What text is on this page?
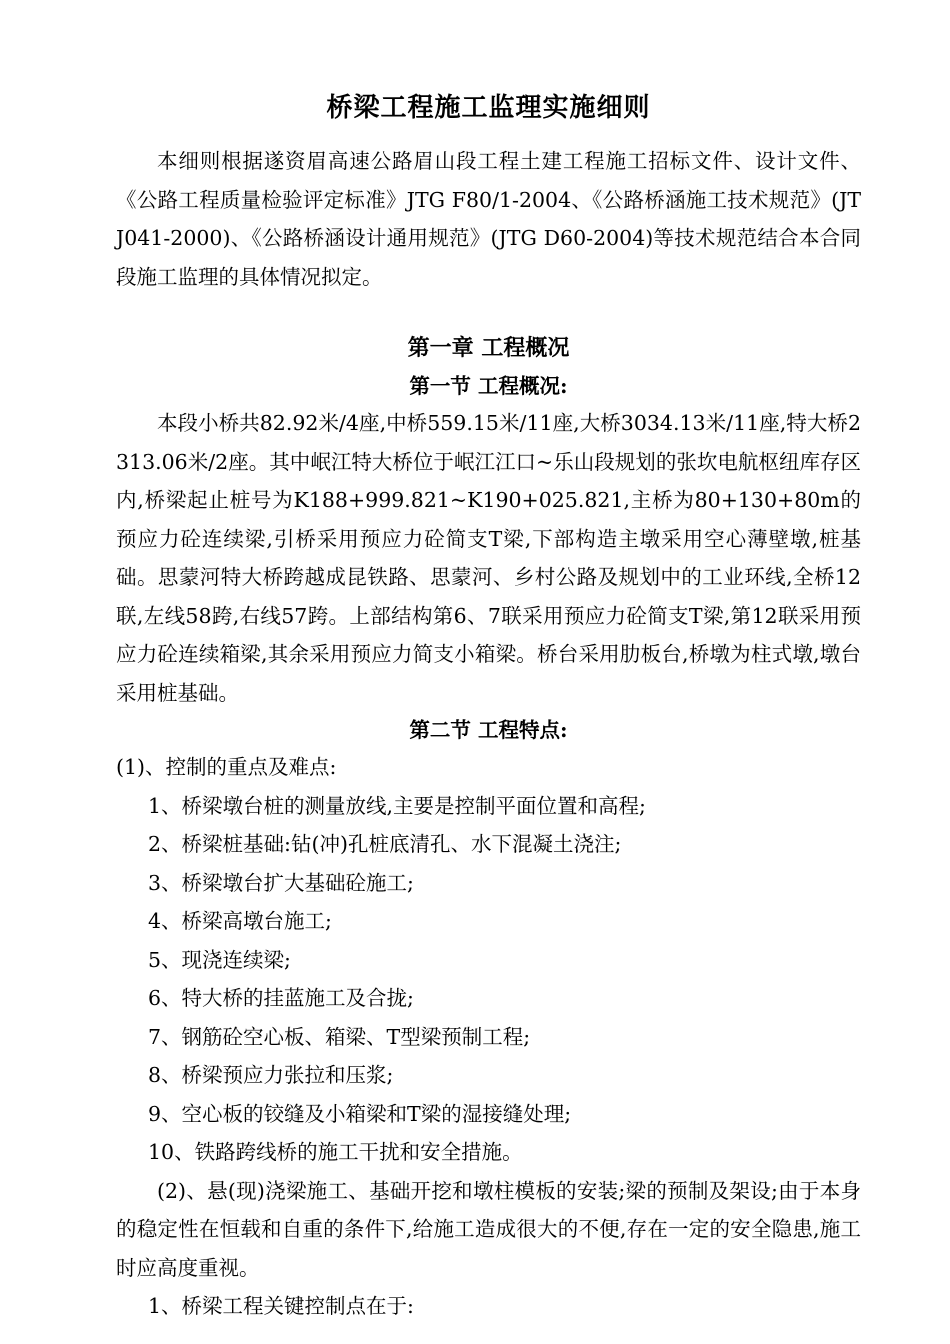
桥梁工程施工监理实施细则

本细则根据遂资眉高速公路眉山段工程土建工程施工招标文件、设计文件、《公路工程质量检验评定标准》JTG F80/1-2004、《公路桥涵施工技术规范》(JTJ041-2000)、《公路桥涵设计通用规范》(JTG D60-2004)等技术规范结合本合同段施工监理的具体情况拟定。

第一章 工程概况
第一节 工程概况:

本段小桥共82.92米/4座,中桥559.15米/11座,大桥3034.13米/11座,特大桥2313.06米/2座。其中岷江特大桥位于岷江江口~乐山段规划的张坎电航枢纽库存区内,桥梁起止桩号为K188+999.821~K190+025.821,主桥为80+130+80m的预应力砼连续梁,引桥采用预应力砼简支T梁,下部构造主墩采用空心薄壁墩,桩基础。思蒙河特大桥跨越成昆铁路、思蒙河、乡村公路及规划中的工业环线,全桥12联,左线58跨,右线57跨。上部结构第6、7联采用预应力砼简支T梁,第12联采用预应力砼连续箱梁,其余采用预应力简支小箱梁。桥台采用肋板台,桥墩为柱式墩,墩台采用桩基础。

第二节 工程特点:

(1)、控制的重点及难点:

1、桥梁墩台桩的测量放线,主要是控制平面位置和高程;

2、桥梁桩基础:钻(冲)孔桩底清孔、水下混凝土浇注;

3、桥梁墩台扩大基础砼施工;

4、桥梁高墩台施工;

5、现浇连续梁;

6、特大桥的挂蓝施工及合拢;

7、钢筋砼空心板、箱梁、T型梁预制工程;

8、桥梁预应力张拉和压浆;

9、空心板的铰缝及小箱梁和T梁的湿接缝处理;

10、铁路跨线桥的施工干扰和安全措施。

(2)、悬(现)浇梁施工、基础开挖和墩柱模板的安装;梁的预制及架设;由于本身的稳定性在恒载和自重的条件下,给施工造成很大的不便,存在一定的安全隐患,施工时应高度重视。

1、桥梁工程关键控制点在于:
